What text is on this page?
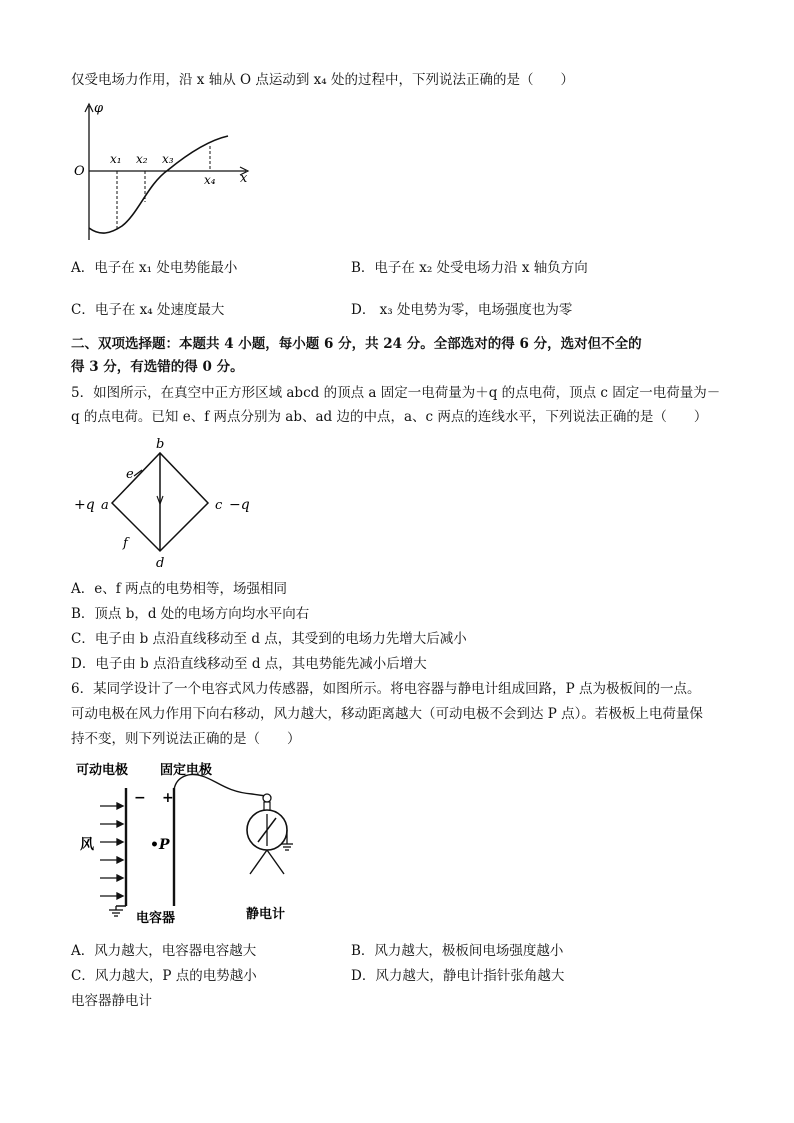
仅受电场力作用，沿 x 轴从 O 点运动到 x₄ 处的过程中，下列说法正确的是（　　）
φ
O	x
x₁ x₂ x₃
x₄
A．电子在 x₁ 处电势能最小	B．电子在 x₂ 处受电场力沿 x 轴负方向
C．电子在 x₄ 处速度最大	D． x₃ 处电势为零，电场强度也为零
二、双项选择题：本题共 4 小题，每小题 6 分，共 24 分。全部选对的得 6 分，选对但不全的
得 3 分，有选错的得 0 分。
5．如图所示，在真空中正方形区域 abcd 的顶点 a 固定一电荷量为＋q 的点电荷，顶点 c 固定一电荷量为－
q 的点电荷。已知 e、f 两点分别为 ab、ad 边的中点，a、c 两点的连线水平，下列说法正确的是（　　）
b
e
+q a	c −q
f
d
A．e、f 两点的电势相等，场强相同
B．顶点 b，d 处的电场方向均水平向右
C．电子由 b 点沿直线移动至 d 点，其受到的电场力先增大后减小
D．电子由 b 点沿直线移动至 d 点，其电势能先减小后增大
6．某同学设计了一个电容式风力传感器，如图所示。将电容器与静电计组成回路，P 点为极板间的一点。
可动电极在风力作用下向右移动，风力越大，移动距离越大（可动电极不会到达 P 点）。若极板上电荷量保
持不变，则下列说法正确的是（　　）
可动电极 固定电极
− +
风	•P
电容器	静电计
A．风力越大，电容器电容越大	B．风力越大，极板间电场强度越小
C．风力越大，P 点的电势越小	D．风力越大，静电计指针张角越大
电容器静电计
